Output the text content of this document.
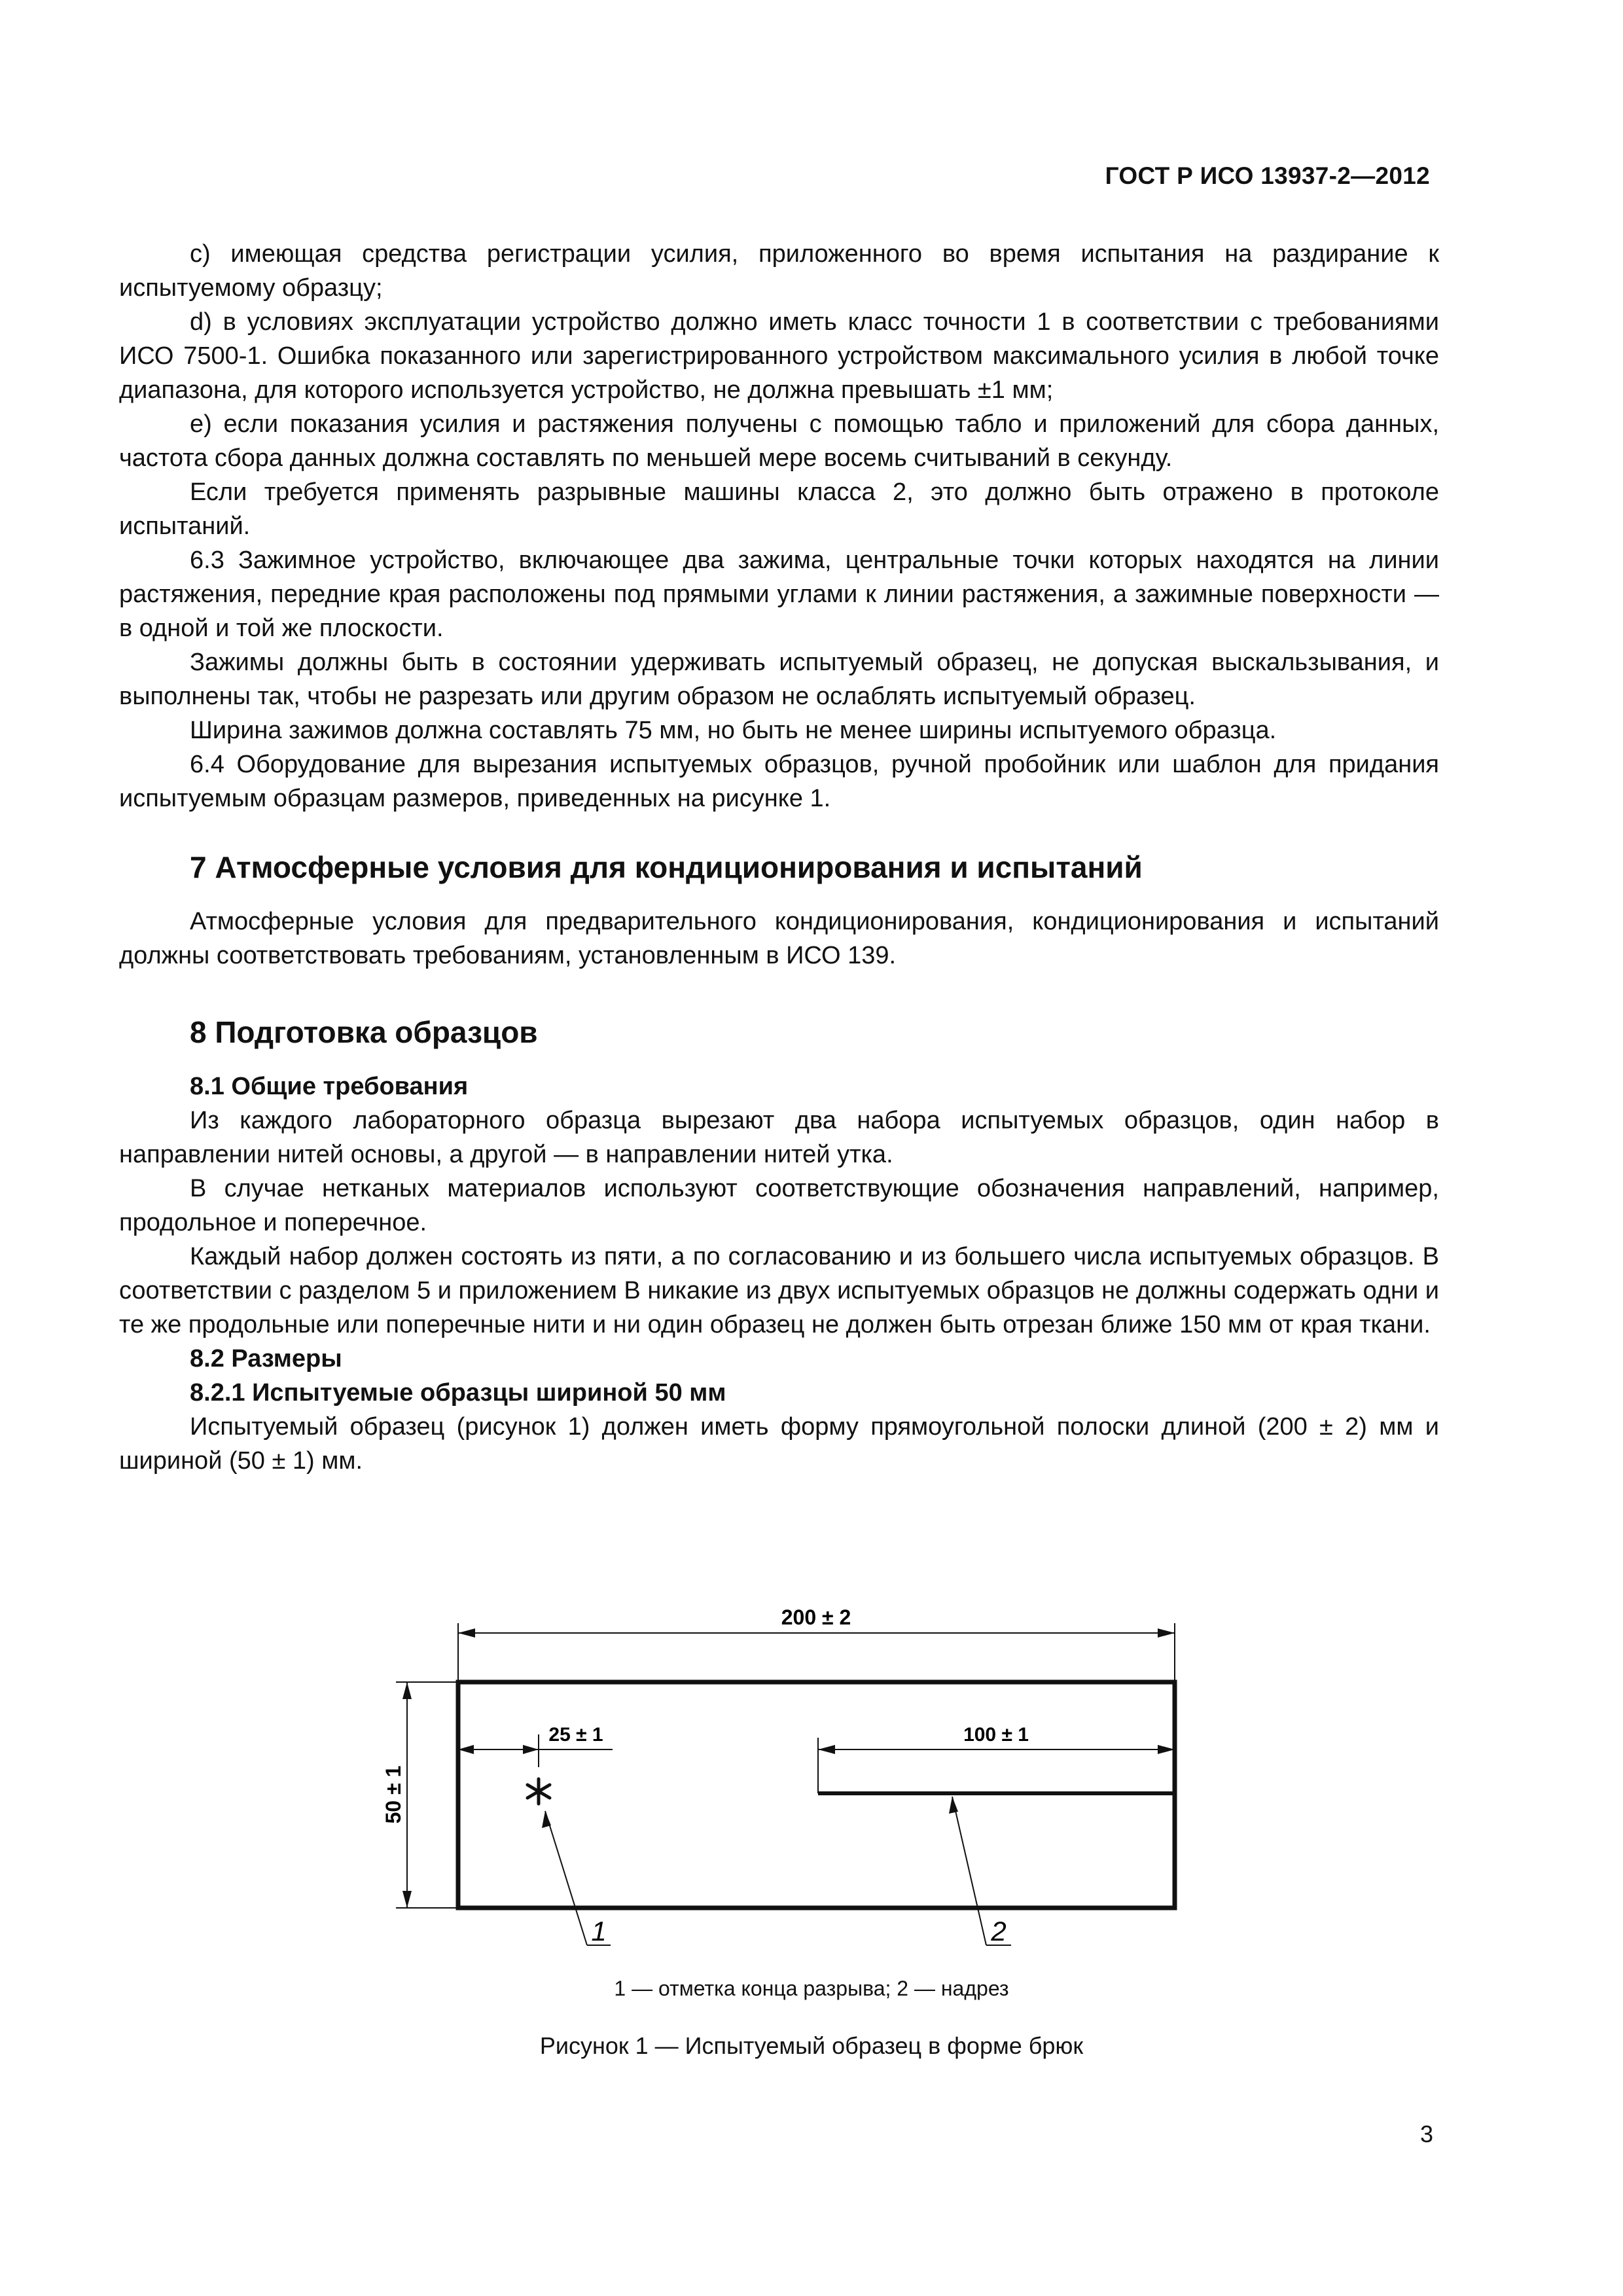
ГОСТ Р ИСО 13937-2—2012

c) имеющая средства регистрации усилия, приложенного во время испытания на раздирание к испытуемому образцу;

d) в условиях эксплуатации устройство должно иметь класс точности 1 в соответствии с требованиями ИСО 7500-1. Ошибка показанного или зарегистрированного устройством максимального усилия в любой точке диапазона, для которого используется устройство, не должна превышать ±1 мм;

e) если показания усилия и растяжения получены с помощью табло и приложений для сбора данных, частота сбора данных должна составлять по меньшей мере восемь считываний в секунду.

Если требуется применять разрывные машины класса 2, это должно быть отражено в протоколе испытаний.

6.3 Зажимное устройство, включающее два зажима, центральные точки которых находятся на линии растяжения, передние края расположены под прямыми углами к линии растяжения, а зажимные поверхности — в одной и той же плоскости.

Зажимы должны быть в состоянии удерживать испытуемый образец, не допуская выскальзывания, и выполнены так, чтобы не разрезать или другим образом не ослаблять испытуемый образец.

Ширина зажимов должна составлять 75 мм, но быть не менее ширины испытуемого образца.

6.4 Оборудование для вырезания испытуемых образцов, ручной пробойник или шаблон для придания испытуемым образцам размеров, приведенных на рисунке 1.

7 Атмосферные условия для кондиционирования и испытаний

Атмосферные условия для предварительного кондиционирования, кондиционирования и испытаний должны соответствовать требованиям, установленным в ИСО 139.

8 Подготовка образцов
8.1 Общие требования

Из каждого лабораторного образца вырезают два набора испытуемых образцов, один набор в направлении нитей основы, а другой — в направлении нитей утка.

В случае нетканых материалов используют соответствующие обозначения направлений, например, продольное и поперечное.

Каждый набор должен состоять из пяти, а по согласованию и из большего числа испытуемых образцов. В соответствии с разделом 5 и приложением В никакие из двух испытуемых образцов не должны содержать одни и те же продольные или поперечные нити и ни один образец не должен быть отрезан ближе 150 мм от края ткани.

8.2 Размеры
8.2.1 Испытуемые образцы шириной 50 мм

Испытуемый образец (рисунок 1) должен иметь форму прямоугольной полоски длиной (200 ± 2) мм и шириной (50 ± 1) мм.

200 ± 2
50 ± 1
25 ± 1	100 ± 1
1	2
1 — отметка конца разрыва; 2 — надрез
Рисунок 1 — Испытуемый образец в форме брюк
3
